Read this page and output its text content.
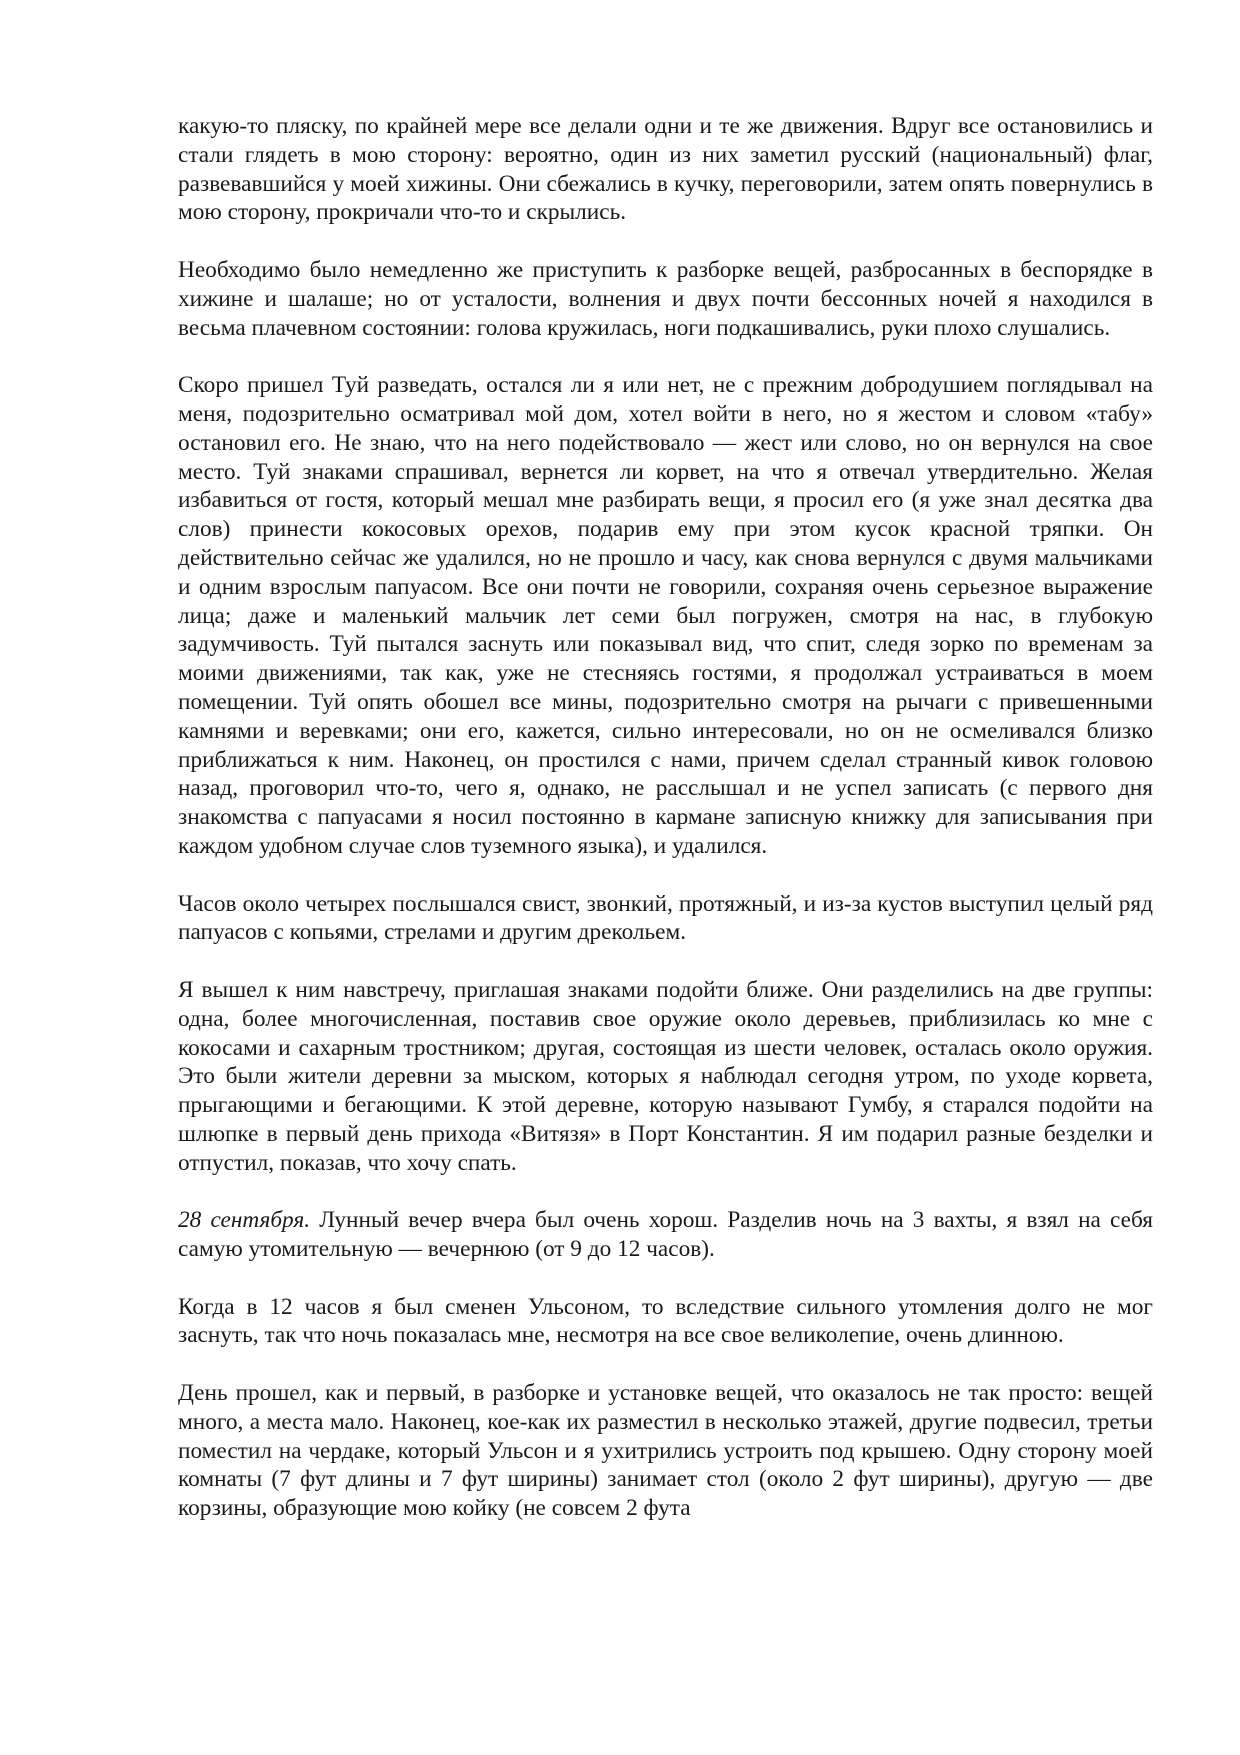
какую-то пляску, по крайней мере все делали одни и те же движения. Вдруг все остановились и стали глядеть в мою сторону: вероятно, один из них заметил русский (национальный) флаг, развевавшийся у моей хижины. Они сбежались в кучку, переговорили, затем опять повернулись в мою сторону, прокричали что-то и скрылись.

Необходимо было немедленно же приступить к разборке вещей, разбросанных в беспорядке в хижине и шалаше; но от усталости, волнения и двух почти бессонных ночей я находился в весьма плачевном состоянии: голова кружилась, ноги подкашивались, руки плохо слушались.

Скоро пришел Туй разведать, остался ли я или нет, не с прежним добродушием поглядывал на меня, подозрительно осматривал мой дом, хотел войти в него, но я жестом и словом «табу» остановил его. Не знаю, что на него подействовало — жест или слово, но он вернулся на свое место. Туй знаками спрашивал, вернется ли корвет, на что я отвечал утвердительно. Желая избавиться от гостя, который мешал мне разбирать вещи, я просил его (я уже знал десятка два слов) принести кокосовых орехов, подарив ему при этом кусок красной тряпки. Он действительно сейчас же удалился, но не прошло и часу, как снова вернулся с двумя мальчиками и одним взрослым папуасом. Все они почти не говорили, сохраняя очень серьезное выражение лица; даже и маленький мальчик лет семи был погружен, смотря на нас, в глубокую задумчивость. Туй пытался заснуть или показывал вид, что спит, следя зорко по временам за моими движениями, так как, уже не стесняясь гостями, я продолжал устраиваться в моем помещении. Туй опять обошел все мины, подозрительно смотря на рычаги с привешенными камнями и веревками; они его, кажется, сильно интересовали, но он не осмеливался близко приближаться к ним. Наконец, он простился с нами, причем сделал странный кивок головою назад, проговорил что-то, чего я, однако, не расслышал и не успел записать (с первого дня знакомства с папуасами я носил постоянно в кармане записную книжку для записывания при каждом удобном случае слов туземного языка), и удалился.

Часов около четырех послышался свист, звонкий, протяжный, и из-за кустов выступил целый ряд папуасов с копьями, стрелами и другим дрекольем.

Я вышел к ним навстречу, приглашая знаками подойти ближе. Они разделились на две группы: одна, более многочисленная, поставив свое оружие около деревьев, приблизилась ко мне с кокосами и сахарным тростником; другая, состоящая из шести человек, осталась около оружия. Это были жители деревни за мыском, которых я наблюдал сегодня утром, по уходе корвета, прыгающими и бегающими. К этой деревне, которую называют Гумбу, я старался подойти на шлюпке в первый день прихода «Витязя» в Порт Константин. Я им подарил разные безделки и отпустил, показав, что хочу спать.

28 сентября. Лунный вечер вчера был очень хорош. Разделив ночь на 3 вахты, я взял на себя самую утомительную — вечернюю (от 9 до 12 часов).

Когда в 12 часов я был сменен Ульсоном, то вследствие сильного утомления долго не мог заснуть, так что ночь показалась мне, несмотря на все свое великолепие, очень длинною.

День прошел, как и первый, в разборке и установке вещей, что оказалось не так просто: вещей много, а места мало. Наконец, кое-как их разместил в несколько этажей, другие подвесил, третьи поместил на чердаке, который Ульсон и я ухитрились устроить под крышею. Одну сторону моей комнаты (7 фут длины и 7 фут ширины) занимает стол (около 2 фут ширины), другую — две корзины, образующие мою койку (не совсем 2 фута
